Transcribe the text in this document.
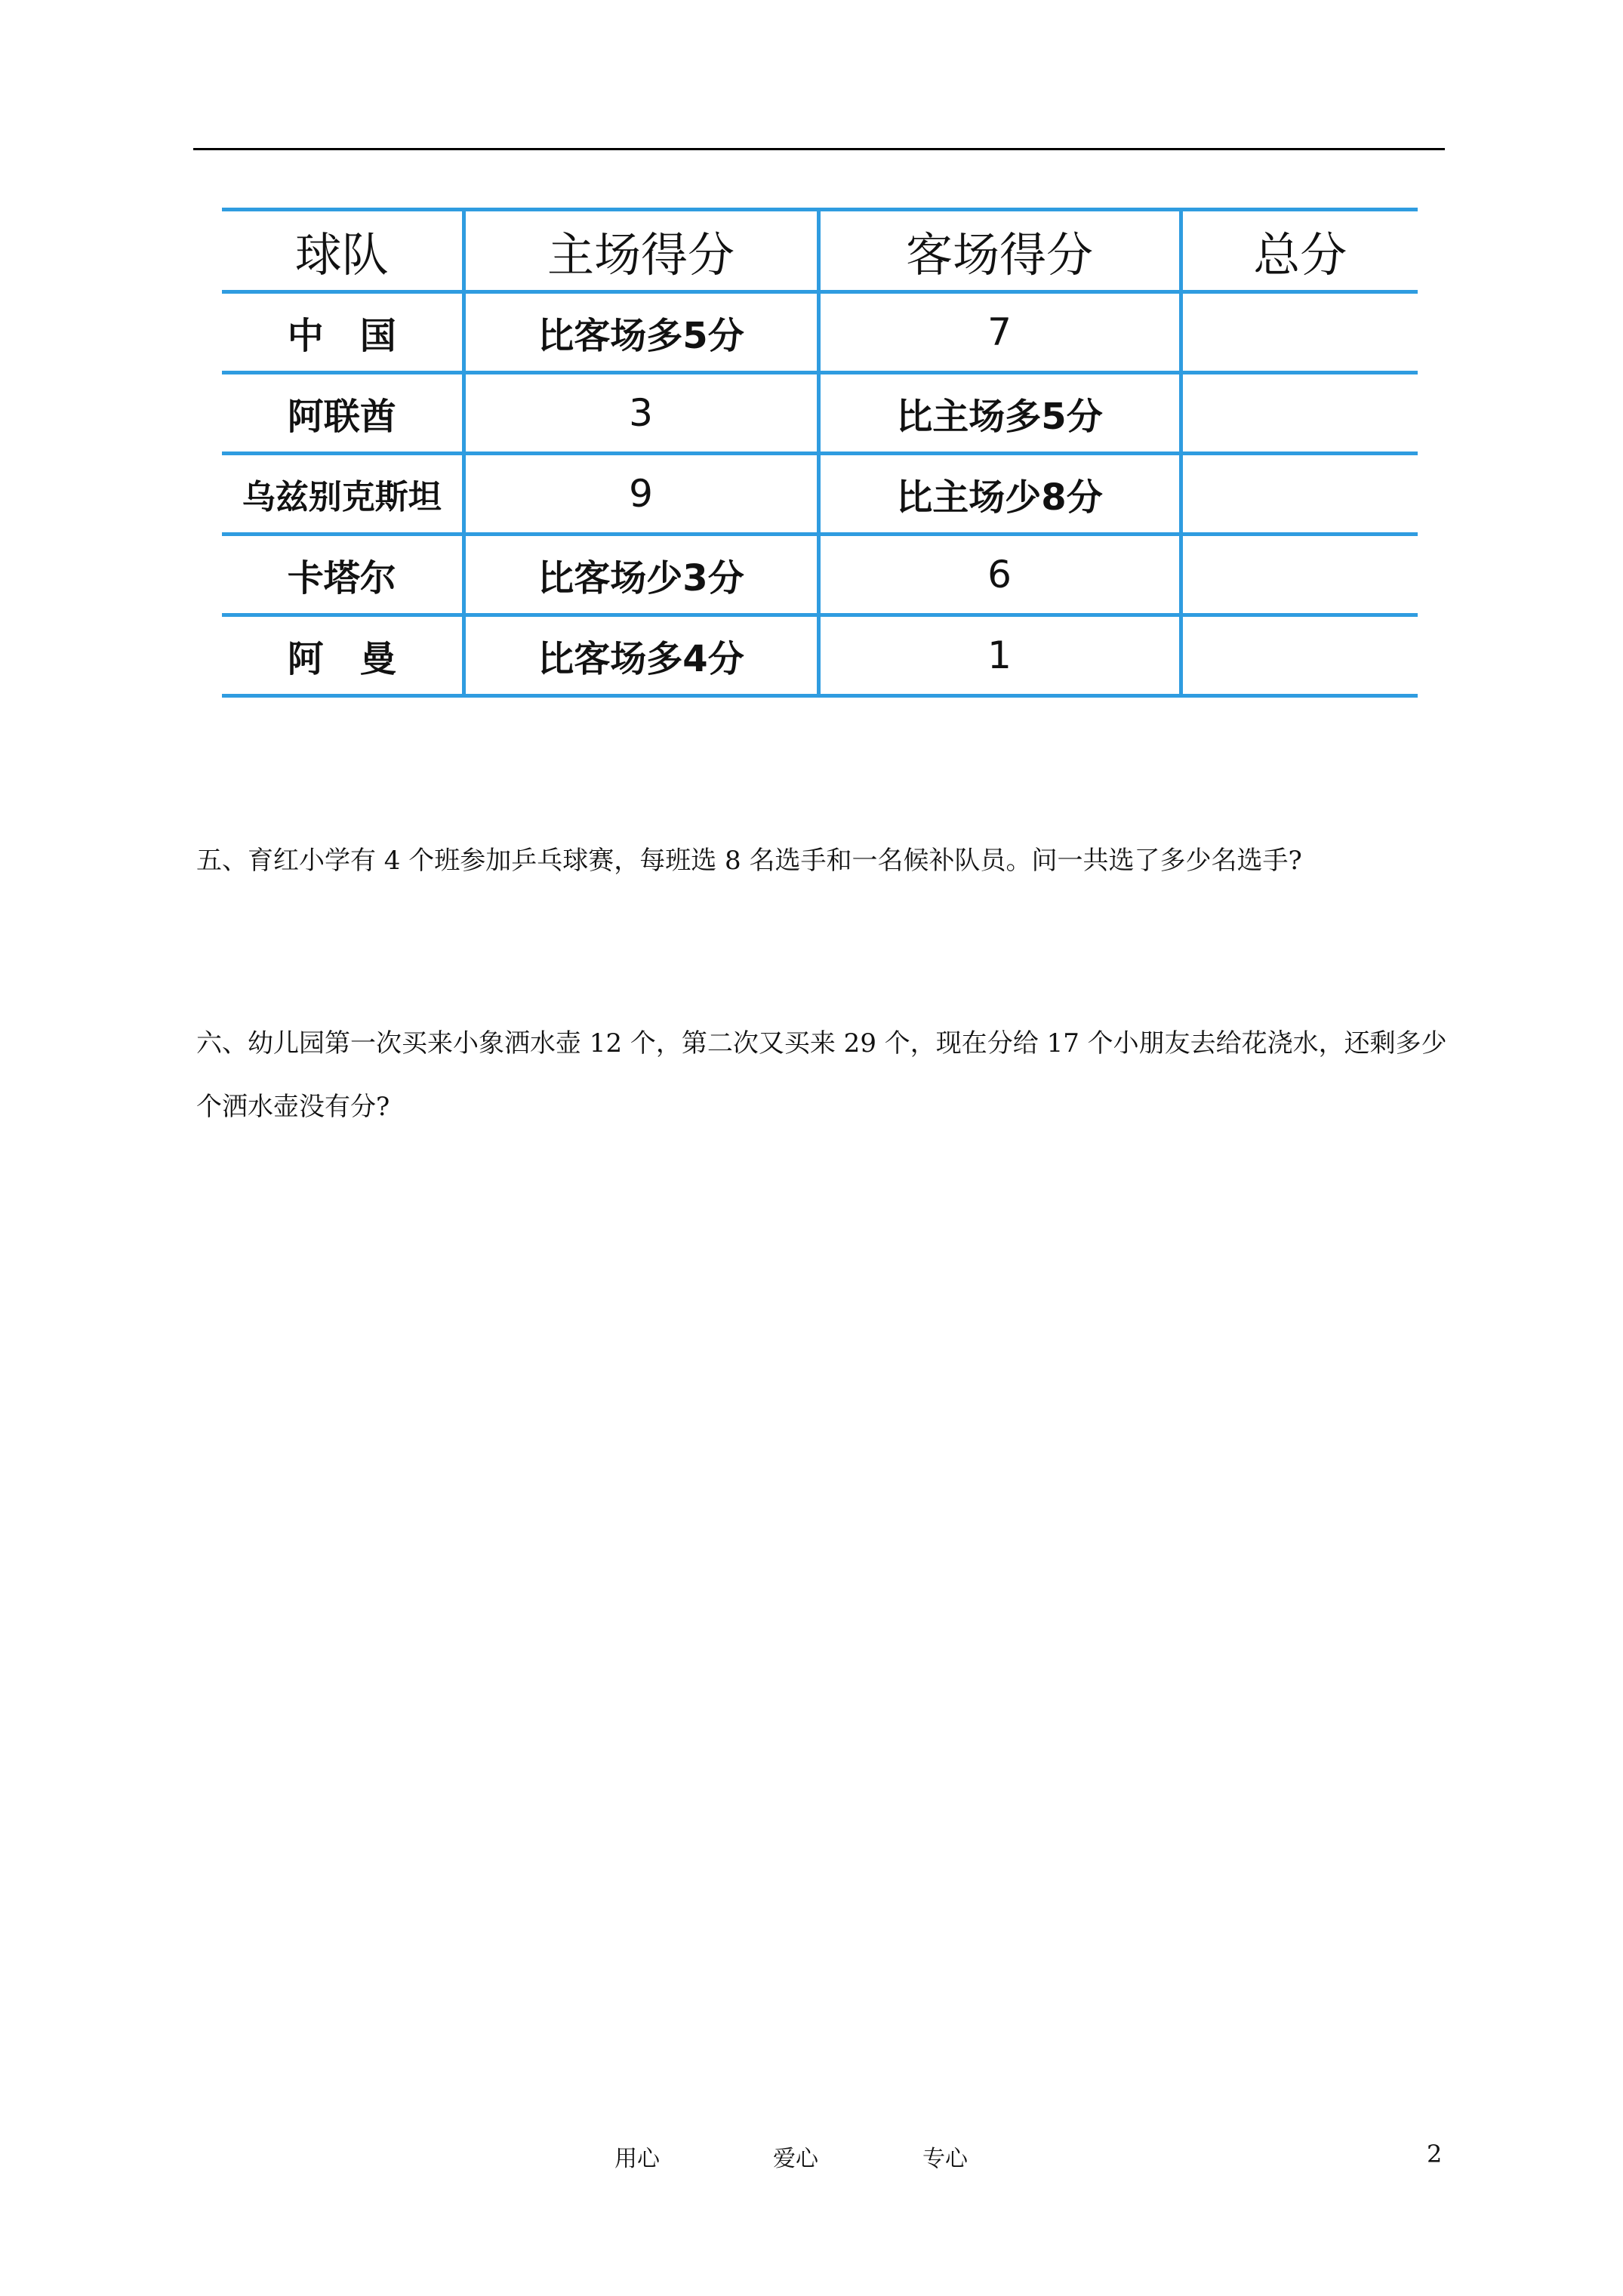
球队	主场得分	客场得分	总分
中　国	比客场多5分	7	
阿联酋	3	比主场多5分	
乌兹别克斯坦	9	比主场少8分	
卡塔尔	比客场少3分	6	
阿　曼	比客场多4分	1	
五、育红小学有 4 个班参加乒乓球赛，每班选 8 名选手和一名候补队员。问一共选了多少名选手?
六、幼儿园第一次买来小象洒水壶 12 个，第二次又买来 29 个，现在分给 17 个小朋友去给花浇水，还剩多少个洒水壶没有分?
用心	爱心	专心	2
